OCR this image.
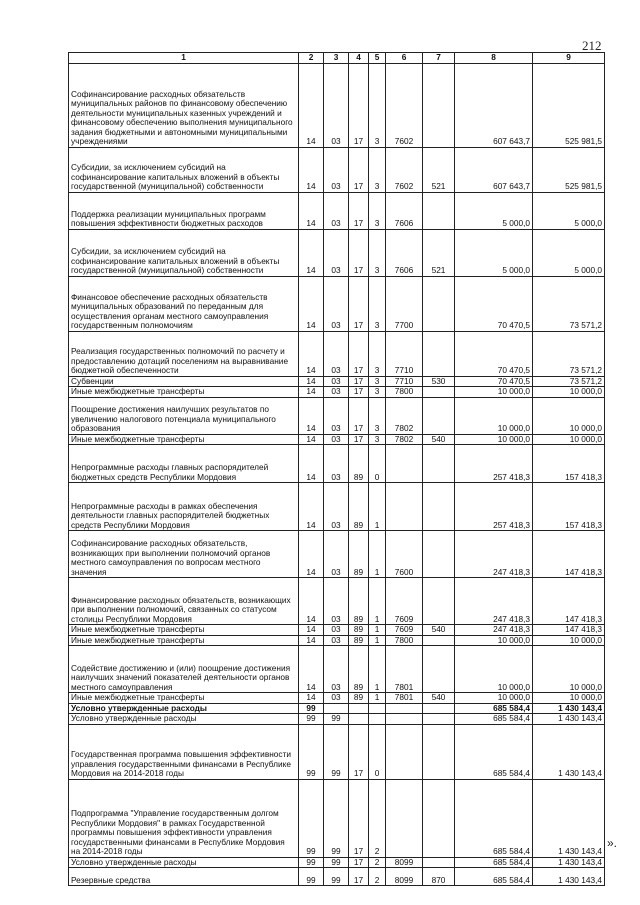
212
1	2	3	4	5	6	7	8	9
Софинансирование расходных обязательств муниципальных районов по финансовому обеспечению деятельности муниципальных казенных учреждений и финансовому обеспечению выполнения муниципального задания бюджетными и автономными муниципальными учреждениями	14	03	17	3	7602		607 643,7	525 981,5
Субсидии, за исключением субсидий на софинансирование капитальных вложений в объекты государственной (муниципальной) собственности	14	03	17	3	7602	521	607 643,7	525 981,5
Поддержка реализации муниципальных программ повышения эффективности бюджетных расходов	14	03	17	3	7606		5 000,0	5 000,0
Субсидии, за исключением субсидий на софинансирование капитальных вложений в объекты государственной (муниципальной) собственности	14	03	17	3	7606	521	5 000,0	5 000,0
Финансовое обеспечение расходных обязательств муниципальных образований по переданным для осуществления органам местного самоуправления государственным полномочиям	14	03	17	3	7700		70 470,5	73 571,2
Реализация государственных полномочий по расчету и предоставлению дотаций поселениям на выравнивание бюджетной обеспеченности	14	03	17	3	7710		70 470,5	73 571,2
Субвенции	14	03	17	3	7710	530	70 470,5	73 571,2
Иные межбюджетные трансферты	14	03	17	3	7800		10 000,0	10 000,0
Поощрение достижения наилучших результатов по увеличению налогового потенциала муниципального образования	14	03	17	3	7802		10 000,0	10 000,0
Иные межбюджетные трансферты	14	03	17	3	7802	540	10 000,0	10 000,0
Непрограммные расходы главных распорядителей бюджетных средств Республики Мордовия	14	03	89	0			257 418,3	157 418,3
Непрограммные расходы в рамках обеспечения деятельности главных распорядителей бюджетных средств Республики Мордовия	14	03	89	1			257 418,3	157 418,3
Софинансирование расходных обязательств, возникающих при выполнении полномочий органов местного самоуправления по вопросам местного значения	14	03	89	1	7600		247 418,3	147 418,3
Финансирование расходных обязательств, возникающих при выполнении полномочий, связанных со статусом столицы Республики Мордовия	14	03	89	1	7609		247 418,3	147 418,3
Иные межбюджетные трансферты	14	03	89	1	7609	540	247 418,3	147 418,3
Иные межбюджетные трансферты	14	03	89	1	7800		10 000,0	10 000,0
Содействие достижению и (или) поощрение достижения наилучших значений показателей деятельности органов местного самоуправления	14	03	89	1	7801		10 000,0	10 000,0
Иные межбюджетные трансферты	14	03	89	1	7801	540	10 000,0	10 000,0
Условно утвержденные расходы	99						685 584,4	1 430 143,4
Условно утвержденные расходы	99	99					685 584,4	1 430 143,4
Государственная программа повышения эффективности управления государственными финансами в Республике Мордовия на 2014-2018 годы	99	99	17	0			685 584,4	1 430 143,4
Подпрограмма "Управление государственным долгом Республики Мордовия" в рамках Государственной программы повышения эффективности управления государственными финансами в Республике Мордовия на 2014-2018 годы	99	99	17	2			685 584,4	1 430 143,4
Условно утвержденные расходы	99	99	17	2	8099		685 584,4	1 430 143,4
Резервные средства	99	99	17	2	8099	870	685 584,4	1 430 143,4
».
